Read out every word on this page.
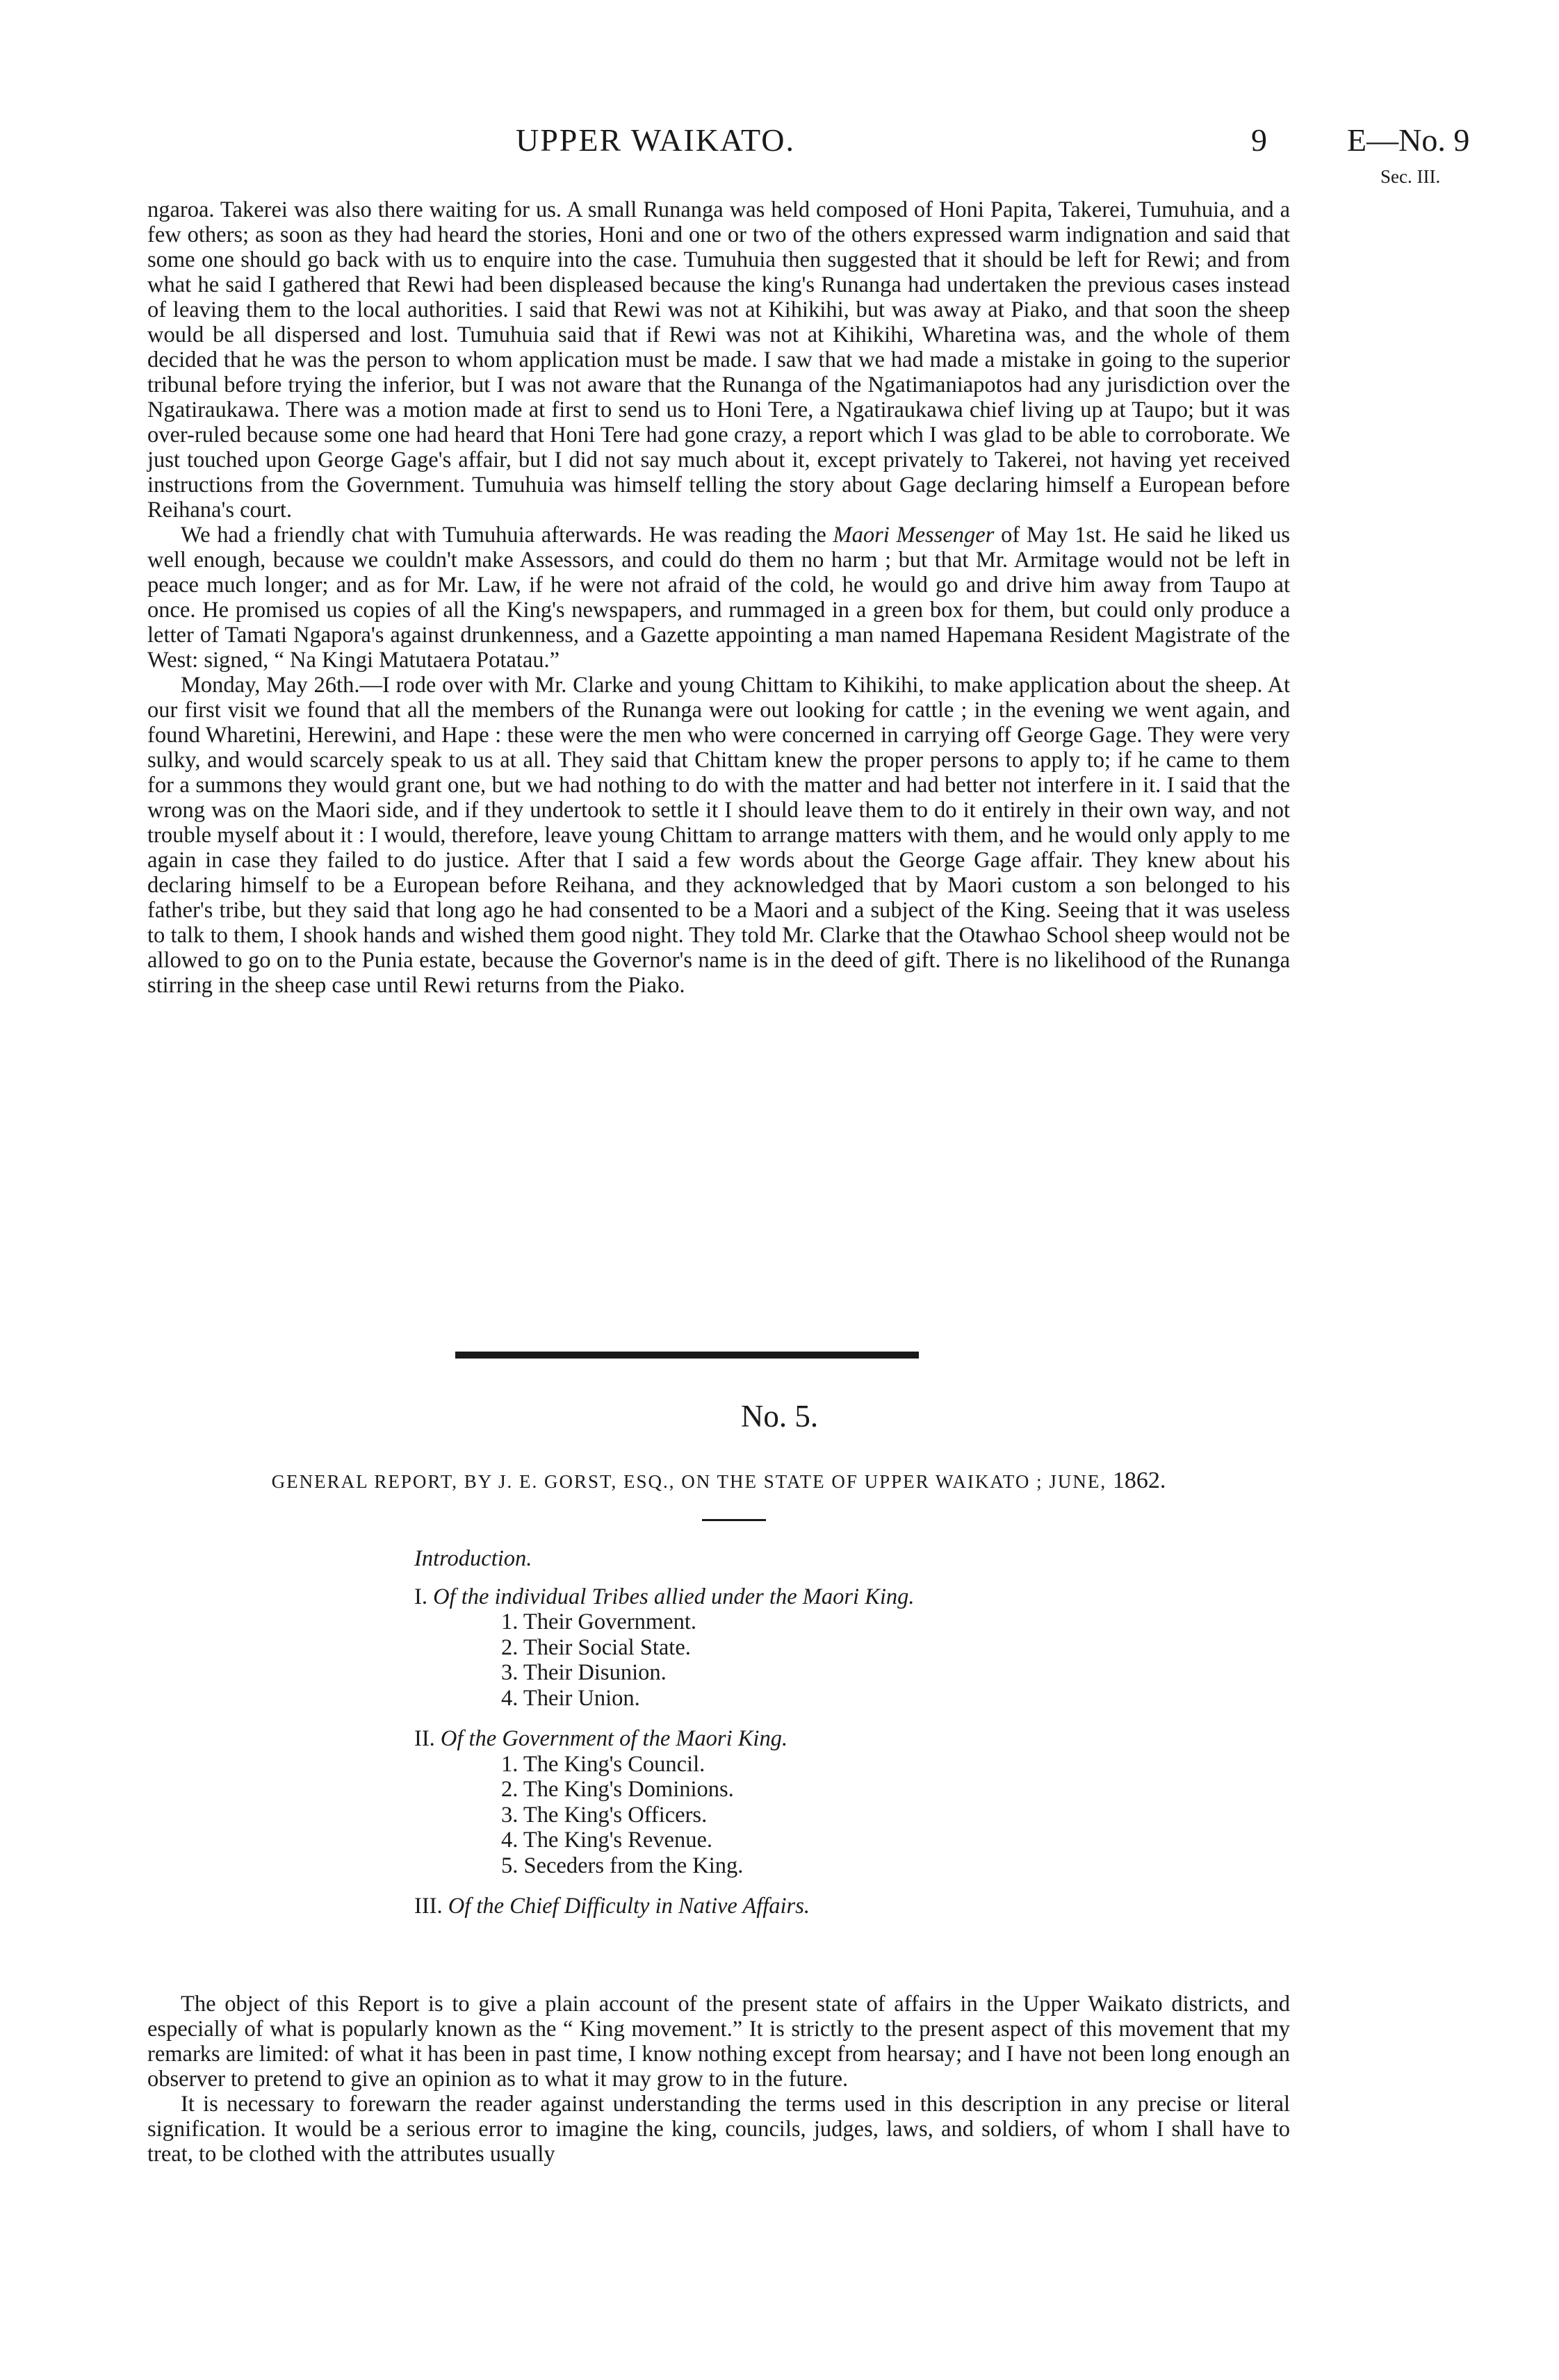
UPPER WAIKATO.	9	E—No. 9
Sec. III.

ngaroa. Takerei was also there waiting for us. A small Runanga was held composed of Honi Papita, Takerei, Tumuhuia, and a few others; as soon as they had heard the stories, Honi and one or two of the others expressed warm indignation and said that some one should go back with us to enquire into the case. Tumuhuia then suggested that it should be left for Rewi; and from what he said I gathered that Rewi had been displeased because the king's Runanga had undertaken the previous cases instead of leaving them to the local authorities. I said that Rewi was not at Kihikihi, but was away at Piako, and that soon the sheep would be all dispersed and lost. Tumuhuia said that if Rewi was not at Kihikihi, Wharetina was, and the whole of them decided that he was the person to whom application must be made. I saw that we had made a mistake in going to the superior tribunal before trying the inferior, but I was not aware that the Runanga of the Ngatimaniapotos had any jurisdiction over the Ngatiraukawa. There was a motion made at first to send us to Honi Tere, a Ngatiraukawa chief living up at Taupo; but it was over-ruled because some one had heard that Honi Tere had gone crazy, a report which I was glad to be able to corroborate. We just touched upon George Gage's affair, but I did not say much about it, except privately to Takerei, not having yet received instructions from the Government. Tumuhuia was himself telling the story about Gage declaring himself a European before Reihana's court.

We had a friendly chat with Tumuhuia afterwards. He was reading the Maori Messenger of May 1st. He said he liked us well enough, because we couldn't make Assessors, and could do them no harm ; but that Mr. Armitage would not be left in peace much longer; and as for Mr. Law, if he were not afraid of the cold, he would go and drive him away from Taupo at once. He promised us copies of all the King's newspapers, and rummaged in a green box for them, but could only produce a letter of Tamati Ngapora's against drunkenness, and a Gazette appointing a man named Hapemana Resident Magistrate of the West: signed, “ Na Kingi Matutaera Potatau.”

Monday, May 26th.—I rode over with Mr. Clarke and young Chittam to Kihikihi, to make application about the sheep. At our first visit we found that all the members of the Runanga were out looking for cattle ; in the evening we went again, and found Wharetini, Herewini, and Hape : these were the men who were concerned in carrying off George Gage. They were very sulky, and would scarcely speak to us at all. They said that Chittam knew the proper persons to apply to; if he came to them for a summons they would grant one, but we had nothing to do with the matter and had better not interfere in it. I said that the wrong was on the Maori side, and if they undertook to settle it I should leave them to do it entirely in their own way, and not trouble myself about it : I would, therefore, leave young Chittam to arrange matters with them, and he would only apply to me again in case they failed to do justice. After that I said a few words about the George Gage affair. They knew about his declaring himself to be a European before Reihana, and they acknowledged that by Maori custom a son belonged to his father's tribe, but they said that long ago he had consented to be a Maori and a subject of the King. Seeing that it was useless to talk to them, I shook hands and wished them good night. They told Mr. Clarke that the Otawhao School sheep would not be allowed to go on to the Punia estate, because the Governor's name is in the deed of gift. There is no likelihood of the Runanga stirring in the sheep case until Rewi returns from the Piako.

No. 5.
GENERAL REPORT, BY J. E. GORST, ESQ., ON THE STATE OF UPPER WAIKATO ; JUNE, 1862.
Introduction.
I. Of the individual Tribes allied under the Maori King.
1. Their Government.
2. Their Social State.
3. Their Disunion.
4. Their Union.
II. Of the Government of the Maori King.
1. The King's Council.
2. The King's Dominions.
3. The King's Officers.
4. The King's Revenue.
5. Seceders from the King.
III. Of the Chief Difficulty in Native Affairs.

The object of this Report is to give a plain account of the present state of affairs in the Upper Waikato districts, and especially of what is popularly known as the “ King movement.” It is strictly to the present aspect of this movement that my remarks are limited: of what it has been in past time, I know nothing except from hearsay; and I have not been long enough an observer to pretend to give an opinion as to what it may grow to in the future.

It is necessary to forewarn the reader against understanding the terms used in this description in any precise or literal signification. It would be a serious error to imagine the king, councils, judges, laws, and soldiers, of whom I shall have to treat, to be clothed with the attributes usually
